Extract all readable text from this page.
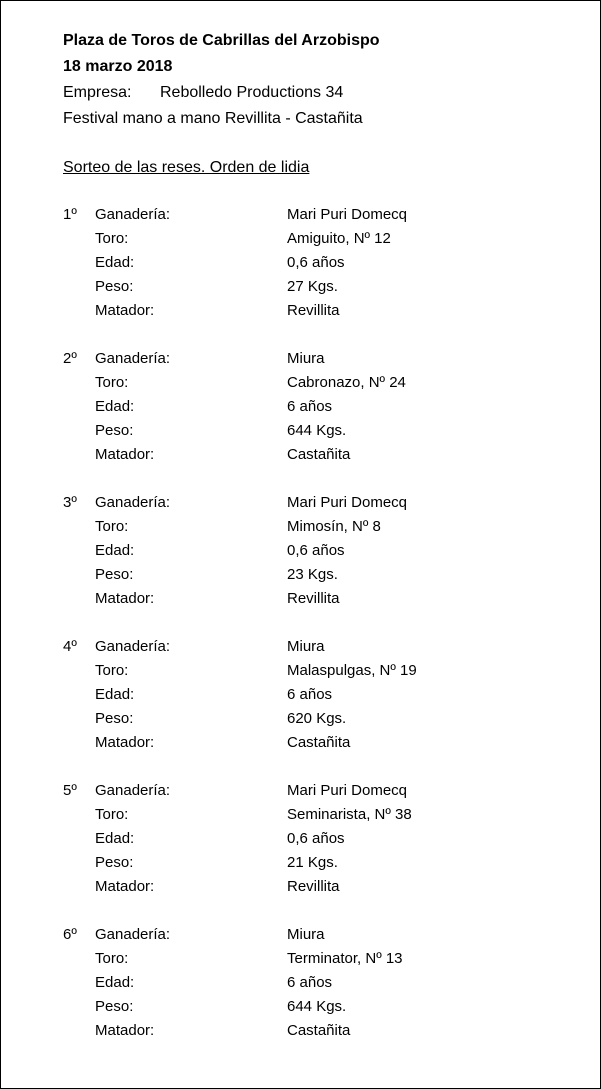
Plaza de Toros de Cabrillas del Arzobispo
18 marzo 2018
Empresa: Rebolledo Productions 34
Festival mano a mano Revillita - Castañita
Sorteo de las reses. Orden de lidia
1º Ganadería:	Mari Puri Domecq
Toro:	Amiguito, Nº 12
Edad:	0,6 años
Peso:	27 Kgs.
Matador:	Revillita
2º Ganadería:	Miura
Toro:	Cabronazo, Nº 24
Edad:	6 años
Peso:	644 Kgs.
Matador:	Castañita
3º Ganadería:	Mari Puri Domecq
Toro:	Mimosín, Nº 8
Edad:	0,6 años
Peso:	23 Kgs.
Matador:	Revillita
4º Ganadería:	Miura
Toro:	Malaspulgas, Nº 19
Edad:	6 años
Peso:	620 Kgs.
Matador:	Castañita
5º Ganadería:	Mari Puri Domecq
Toro:	Seminarista, Nº 38
Edad:	0,6 años
Peso:	21 Kgs.
Matador:	Revillita
6º Ganadería:	Miura
Toro:	Terminator, Nº 13
Edad:	6 años
Peso:	644 Kgs.
Matador:	Castañita
